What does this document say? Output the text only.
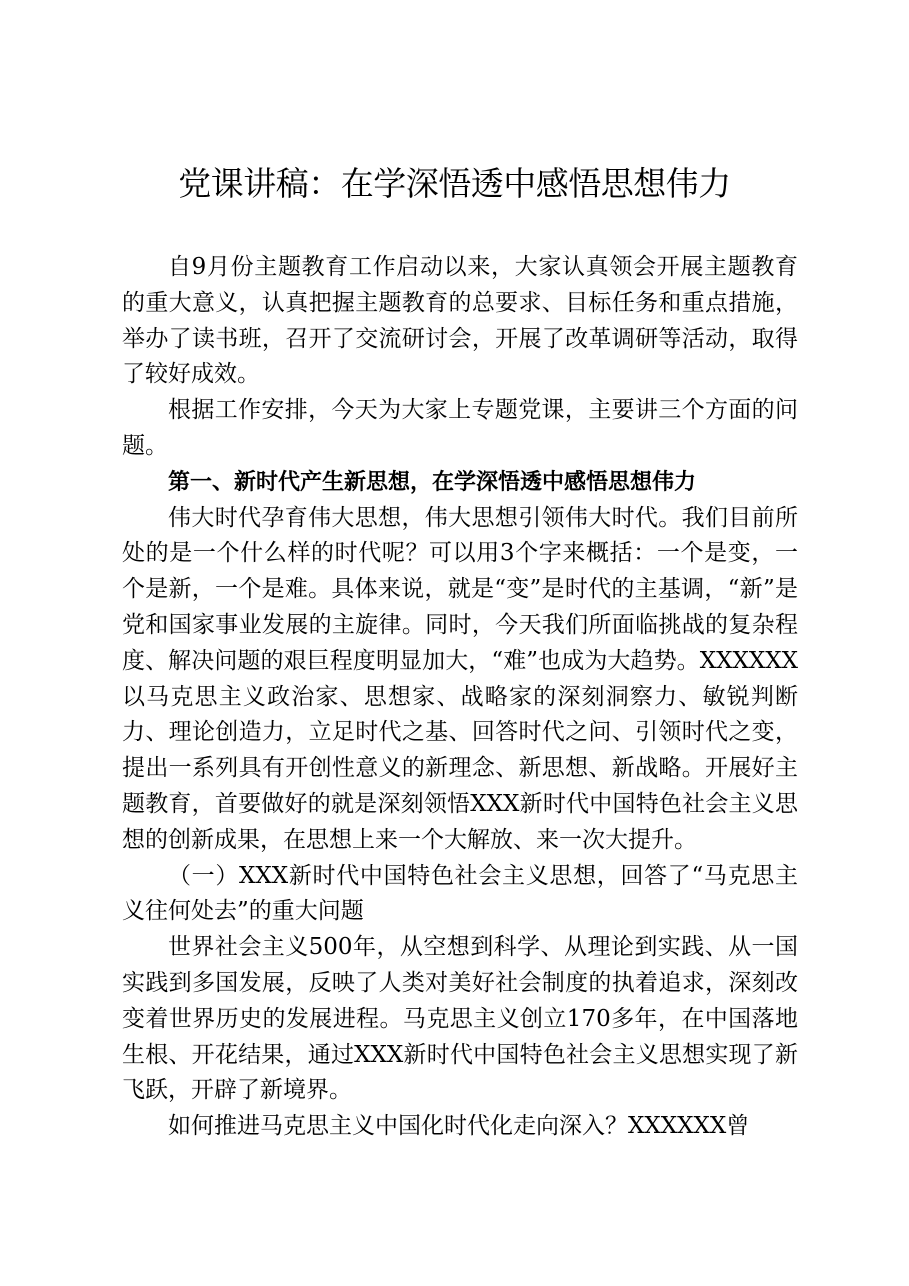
党课讲稿：在学深悟透中感悟思想伟力

自9月份主题教育工作启动以来，大家认真领会开展主题教育的重大意义，认真把握主题教育的总要求、目标任务和重点措施，举办了读书班，召开了交流研讨会，开展了改革调研等活动，取得了较好成效。

根据工作安排，今天为大家上专题党课，主要讲三个方面的问题。

第一、新时代产生新思想，在学深悟透中感悟思想伟力

伟大时代孕育伟大思想，伟大思想引领伟大时代。我们目前所处的是一个什么样的时代呢？可以用3个字来概括：一个是变，一个是新，一个是难。具体来说，就是“变”是时代的主基调，“新”是党和国家事业发展的主旋律。同时，今天我们所面临挑战的复杂程度、解决问题的艰巨程度明显加大，“难”也成为大趋势。XXXXXX以马克思主义政治家、思想家、战略家的深刻洞察力、敏锐判断力、理论创造力，立足时代之基、回答时代之问、引领时代之变，提出一系列具有开创性意义的新理念、新思想、新战略。开展好主题教育，首要做好的就是深刻领悟XXX新时代中国特色社会主义思想的创新成果，在思想上来一个大解放、来一次大提升。

（一）XXX新时代中国特色社会主义思想，回答了“马克思主义往何处去”的重大问题

世界社会主义500年，从空想到科学、从理论到实践、从一国实践到多国发展，反映了人类对美好社会制度的执着追求，深刻改变着世界历史的发展进程。马克思主义创立170多年，在中国落地生根、开花结果，通过XXX新时代中国特色社会主义思想实现了新飞跃，开辟了新境界。

如何推进马克思主义中国化时代化走向深入？XXXXXX曾
